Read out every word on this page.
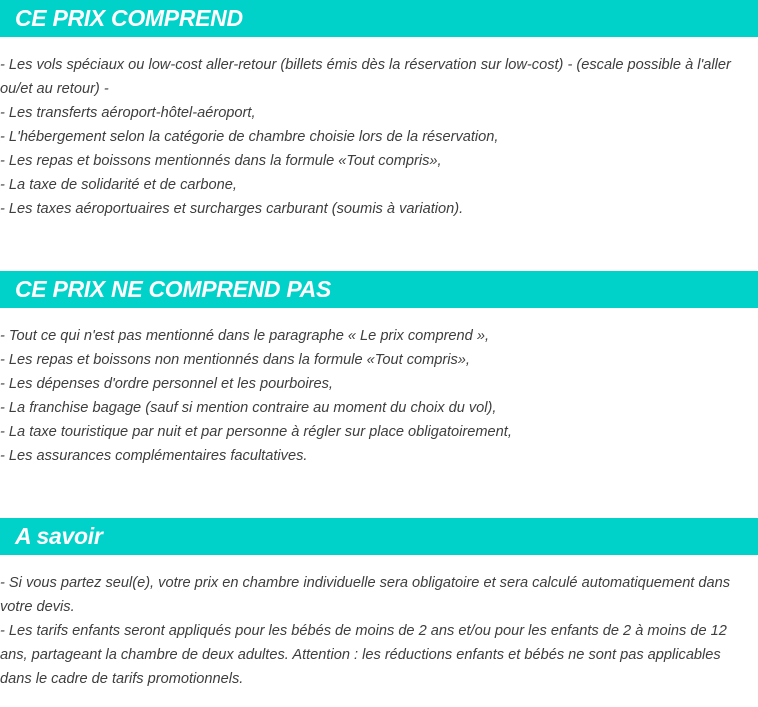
CE PRIX COMPREND
- Les vols spéciaux ou low-cost aller-retour (billets émis dès la réservation sur low-cost) - (escale possible à l'aller ou/et au retour) -
- Les transferts aéroport-hôtel-aéroport,
- L'hébergement selon la catégorie de chambre choisie lors de la réservation,
- Les repas et boissons mentionnés dans la formule «Tout compris»,
- La taxe de solidarité et de carbone,
- Les taxes aéroportuaires et surcharges carburant (soumis à variation).
CE PRIX NE COMPREND PAS
- Tout ce qui n'est pas mentionné dans le paragraphe « Le prix comprend »,
- Les repas et boissons non mentionnés dans la formule «Tout compris»,
- Les dépenses d'ordre personnel et les pourboires,
- La franchise bagage (sauf si mention contraire au moment du choix du vol),
- La taxe touristique par nuit et par personne à régler sur place obligatoirement,
- Les assurances complémentaires facultatives.
A savoir
- Si vous partez seul(e), votre prix en chambre individuelle sera obligatoire et sera calculé automatiquement dans votre devis.
- Les tarifs enfants seront appliqués pour les bébés de moins de 2 ans et/ou pour les enfants de 2 à moins de 12 ans, partageant la chambre de deux adultes. Attention : les réductions enfants et bébés ne sont pas applicables dans le cadre de tarifs promotionnels.
